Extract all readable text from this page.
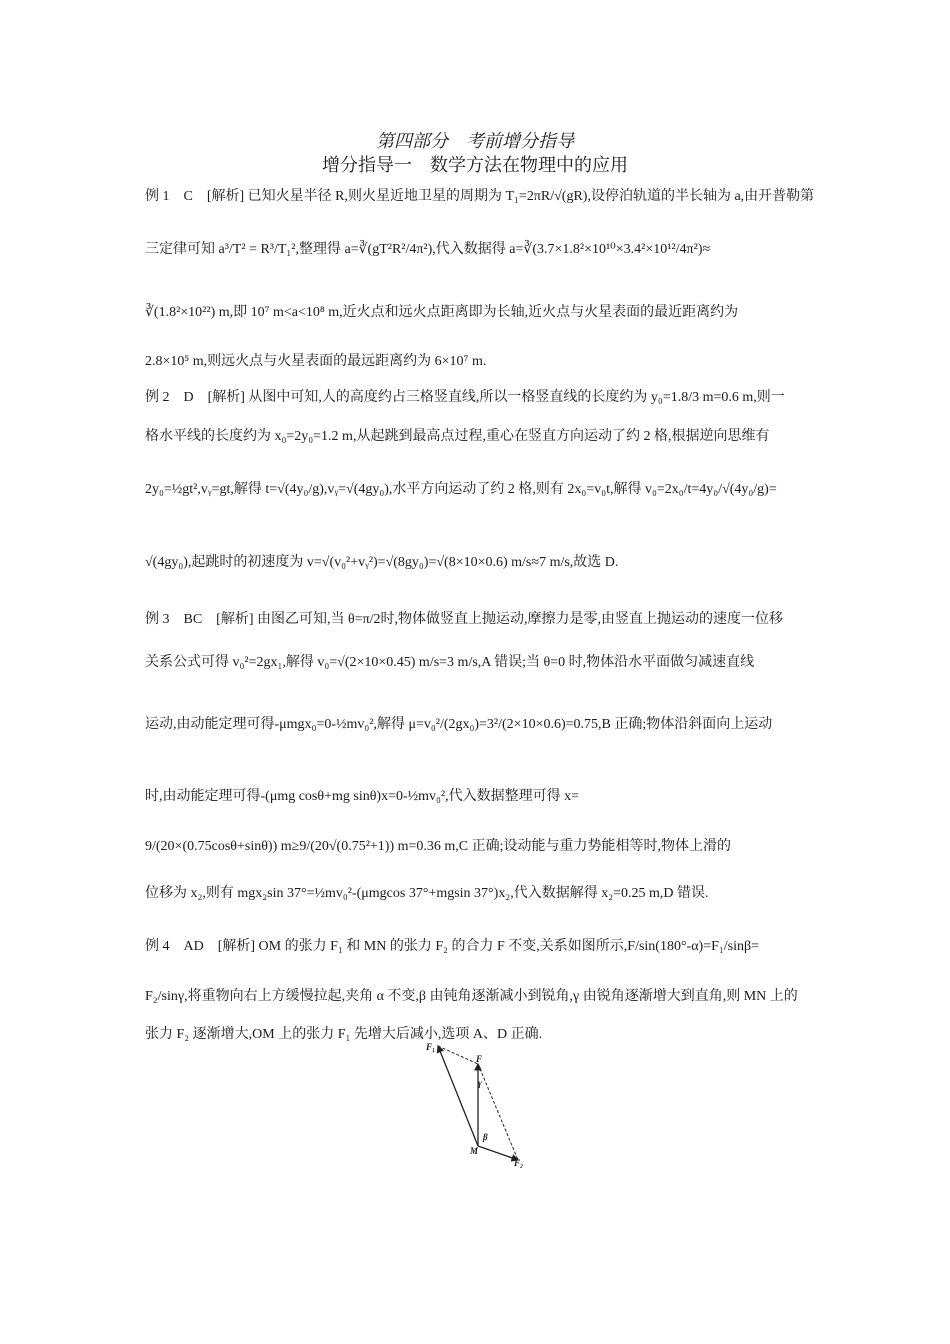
第四部分　考前增分指导
增分指导一　数学方法在物理中的应用
例 1　C　[解析] 已知火星半径 R,则火星近地卫星的周期为 T₁=2πR/√(gR),设停泊轨道的半长轴为 a,由开普勒第
三定律可知 a³/T² = R³/T₁²,整理得 a=∛(gT²R²/4π²),代入数据得 a=∛(3.7×1.8²×10¹⁰×3.4²×10¹²/4π²)≈
∛(1.8²×10²²) m,即 10⁷ m<a<10⁸ m,近火点和远火点距离即为长轴,近火点与火星表面的最近距离约为
2.8×10⁵ m,则远火点与火星表面的最远距离约为 6×10⁷ m.
例 2　D　[解析] 从图中可知,人的高度约占三格竖直线,所以一格竖直线的长度约为 y₀=1.8/3 m=0.6 m,则一
格水平线的长度约为 x₀=2y₀=1.2 m,从起跳到最高点过程,重心在竖直方向运动了约 2 格,根据逆向思维有
2y₀=½gt²,vᵧ=gt,解得 t=√(4y₀/g),vᵧ=√(4gy₀),水平方向运动了约 2 格,则有 2x₀=v₀t,解得 v₀=2x₀/t=4y₀/√(4y₀/g)=
√(4gy₀),起跳时的初速度为 v=√(v₀²+vᵧ²)=√(8gy₀)=√(8×10×0.6) m/s≈7 m/s,故选 D.
例 3　BC　[解析] 由图乙可知,当 θ=π/2时,物体做竖直上抛运动,摩擦力是零,由竖直上抛运动的速度一位移
关系公式可得 v₀²=2gx₁,解得 v₀=√(2×10×0.45) m/s=3 m/s,A 错误;当 θ=0 时,物体沿水平面做匀减速直线
运动,由动能定理可得-μmgx₀=0-½mv₀²,解得 μ=v₀²/(2gx₀)=3²/(2×10×0.6)=0.75,B 正确;物体沿斜面向上运动
时,由动能定理可得-(μmg cosθ+mg sinθ)x=0-½mv₀²,代入数据整理可得 x=
9/(20×(0.75cosθ+sinθ)) m≥9/(20√(0.75²+1)) m=0.36 m,C 正确;设动能与重力势能相等时,物体上滑的
位移为 x₂,则有 mgx₂sin 37°=½mv₀²-(μmgcos 37°+mgsin 37°)x₂,代入数据解得 x₂=0.25 m,D 错误.
例 4　AD　[解析] OM 的张力 F₁ 和 MN 的张力 F₂ 的合力 F 不变,关系如图所示,F/sin(180°-α)=F₁/sinβ=
F₂/sinγ,将重物向右上方缓慢拉起,夹角 α 不变,β 由钝角逐渐减小到锐角,γ 由锐角逐渐增大到直角,则 MN 上的
张力 F₂ 逐渐增大,OM 上的张力 F₁ 先增大后减小,选项 A、D 正确.
F₁
F
γ
β
M
F₂
